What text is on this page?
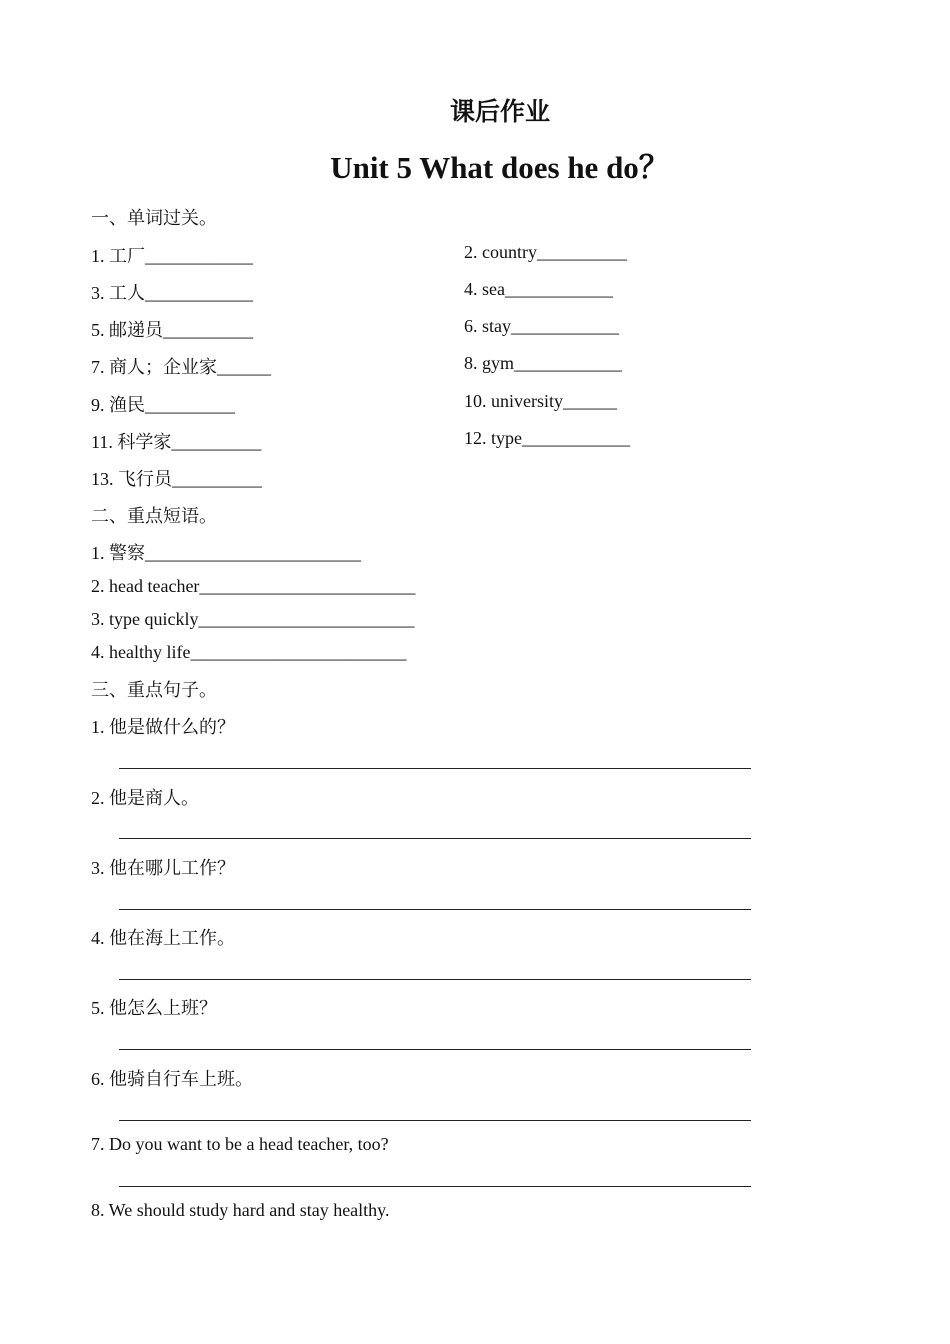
课后作业
Unit 5 What does he do？
一、单词过关。
1. 工厂____________
3. 工人____________
5. 邮递员__________
7. 商人；企业家______
9. 渔民__________
11. 科学家__________
13. 飞行员__________
2. country__________
4. sea____________
6. stay____________
8. gym____________
10. university______
12. type____________
二、重点短语。
1. 警察________________________
2. head teacher________________________
3. type quickly________________________
4. healthy life________________________
三、重点句子。
1. 他是做什么的？
2. 他是商人。
3. 他在哪儿工作？
4. 他在海上工作。
5. 他怎么上班？
6. 他骑自行车上班。
7. Do you want to be a head teacher, too?
8. We should study hard and stay healthy.
